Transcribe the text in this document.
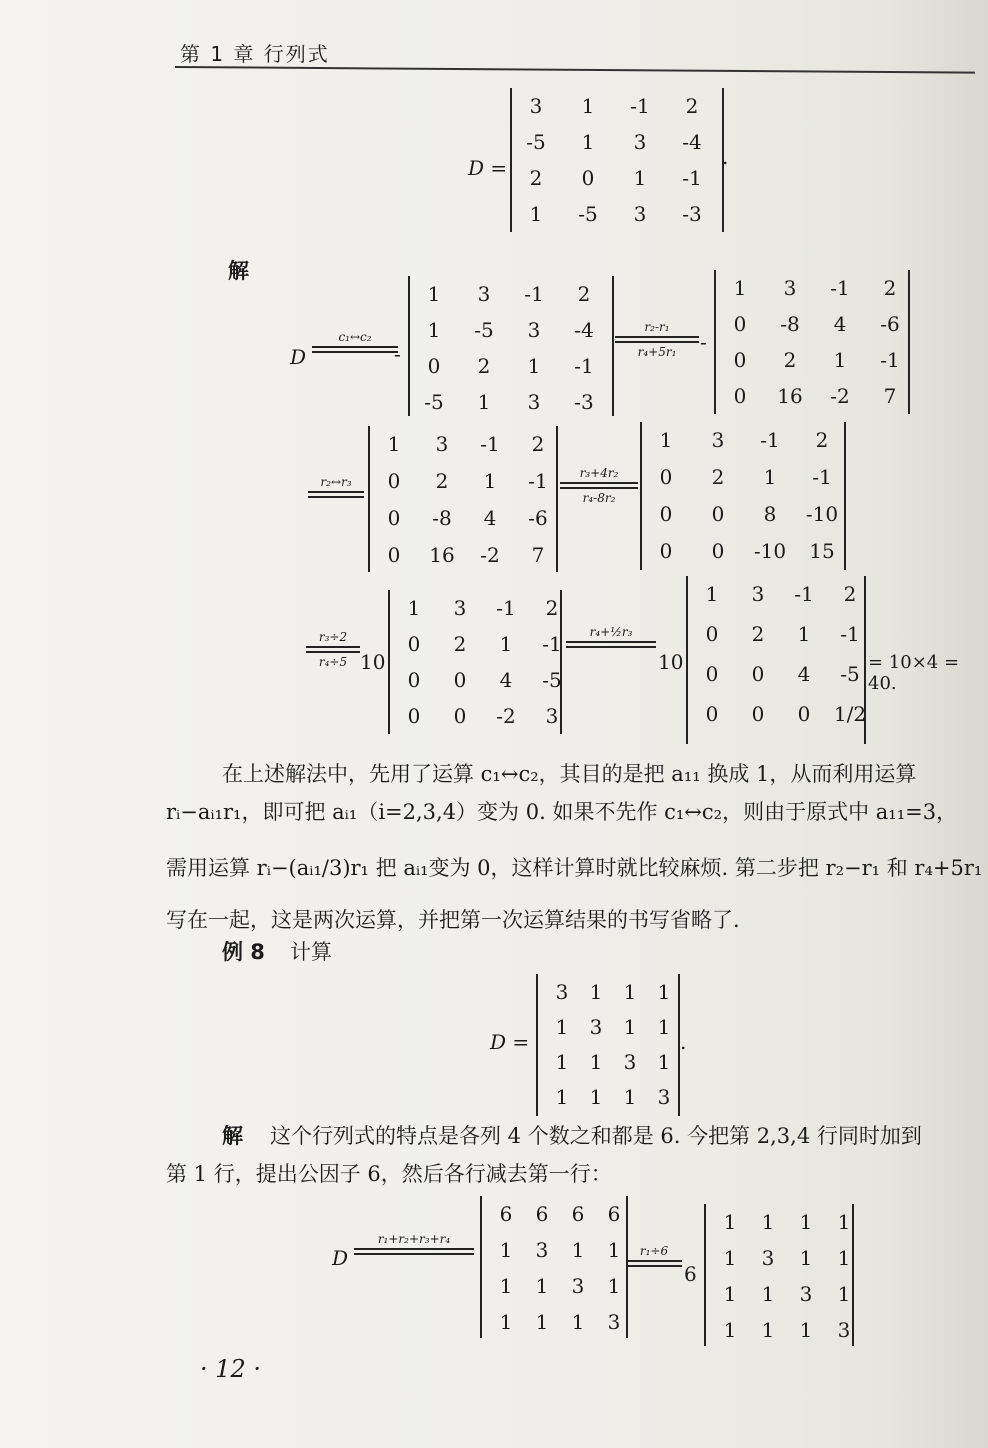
第 1 章 行列式
D =
3	1	-1	2
-5	1	3	-4
2	0	1	-1
1	-5	3	-3
.
解
D
c₁↔c₂
-
1	3	-1	2
1	-5	3	-4
0	2	1	-1
-5	1	3	-3
r₂-r₁
r₄+5r₁	-
1	3	-1	2
0	-8	4	-6
0	2	1	-1
0	16	-2	7
r₂↔r₃
1	3	-1	2
0	2	1	-1
0	-8	4	-6
0	16	-2	7
r₃+4r₂
r₄-8r₂
1	3	-1	2
0	2	1	-1
0	0	8	-10
0	0	-10	15
r₃÷2
r₄÷5 10
1	3	-1	2
0	2	1	-1
0	0	4	-5
0	0	-2	3
r₄+½r₃
10
1	3	-1	2
0	2	1	-1
0	0	4	-5
0	0	0	1/2
= 10×4 = 40.
在上述解法中，先用了运算 c₁↔c₂，其目的是把 a₁₁ 换成 1，从而利用运算
rᵢ−aᵢ₁r₁，即可把 aᵢ₁（i=2,3,4）变为 0. 如果不先作 c₁↔c₂，则由于原式中 a₁₁=3，
需用运算 rᵢ−(aᵢ₁/3)r₁ 把 aᵢ₁变为 0，这样计算时就比较麻烦. 第二步把 r₂−r₁ 和 r₄+5r₁
写在一起，这是两次运算，并把第一次运算结果的书写省略了.
例 8 计算
D =
3	1	1	1
1	3	1	1
1	1	3	1
1	1	1	3
.
解 这个行列式的特点是各列 4 个数之和都是 6. 今把第 2,3,4 行同时加到
第 1 行，提出公因子 6，然后各行减去第一行：
D
r₁+r₂+r₃+r₄
6	6	6	6
1	3	1	1
1	1	3	1
1	1	1	3
r₁÷6
6
1	1	1	1
1	3	1	1
1	1	3	1
1	1	1	3
· 12 ·
